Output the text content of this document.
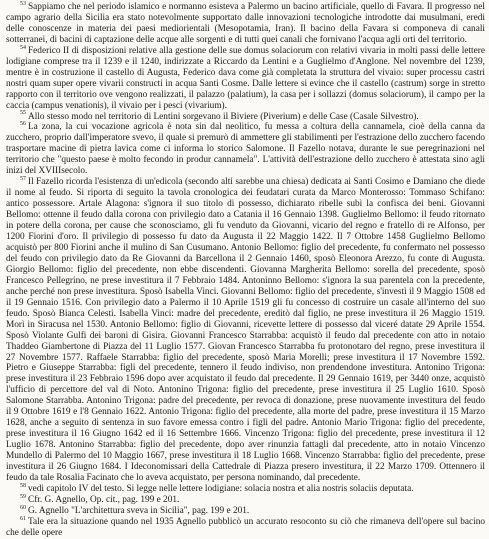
$^{53}$ Sappiamo che nel periodo islamico e normanno esisteva a Palermo un bacino artificiale, quello di Favara. Il progresso nel campo agrario della Sicilia era stato notevolmente supportato dalle innovazioni tecnologiche introdotte dai musulmani, eredi delle conoscenze in materia dei paesi mediorientali (Mesopotamia, Iran). Il bacino della Favara si componeva di canali sotterranei, di bacini di captazione delle acque alle sorgenti e di tutti quei canali che fornivano l'acqua agli orti del territorio.

$^{54}$ Federico II di disposizioni relative alla gestione delle sue domus solaciorum con relativi vivaria in molti passi delle lettere lodigiane comprese tra il 1239 e il 1240, indirizzate a Riccardo da Lentini e a Guglielmo d'Anglone. Nel novembre del 1239, mentre è in costruzione il castello di Augusta, Federico dava come già completata la struttura del vivaio: super processu castri nostri quam super opere vivarii constructi in acqua Santi Cosme. Dalle lettere si evince che il castello (castrum) sorge in stretto rapporto con il territorio ove vengono realizzati, il palazzo (palatium), la casa per i sollazzi (domus solaciorum), il campo per la caccia (campus venationis), il vivaio per i pesci (vivarium).

$^{55}$ Allo stesso modo nel territorio di Lentini sorgevano il Biviere (Piverium) e delle Case (Casale Silvestro).

$^{56}$ La zona, la cui vocazione agricola è nota sin dal neolitico, fu messa a coltura della cannamela, cioè della canna da zucchero, proprio dall'imperatore svevo, il quale si premurò di ammettere gli stabilimenti per l'estrazione dello zucchero facendo trasportare macine di pietra lavica come ci informa lo storico Salomone. Il Fazello notava, durante le sue peregrinazioni nel territorio che "questo paese è molto fecondo in produr cannamela". L'attività dell'estrazione dello zucchero è attestata sino agli inizi del XVIIIsecolo.

$^{57}$ Il Fazello ricorda l'esistenza di un'edicola (secondo alti sarebbe una chiesa) dedicata ai Santi Cosimo e Damiano che diede il nome al feudo. Si riporta di seguito la tavola cronologica dei feudatari curata da Marco Monterosso: Tommaso Schifano: antico possessore. Artale Alagona: s'ignora il suo titolo di possesso, dichiarato ribelle subì la confisca dei beni. Giovanni Bellomo: ottenne il feudo dalla corona con privilegio dato a Catania il 16 Gennaio 1398. Guglielmo Bellomo: il feudo ritornato in potere della corona, per cause che sconosciamo, gli fu venduto da Giovanni, vicario del regno e fratello di re Alfonso, per 1200 Fiorini d'oro. Il privilegio di possesso fu dato da Augusta il 22 Maggio 1422. Il 7 Ottobre 1458 Guglielmo Bellomo acquistò per 800 Fiorini anche il mulino di San Cusumano. Antonio Bellomo: figlio del precedente, fu confermato nel possesso del feudo con privilegio dato da Re Giovanni da Barcellona il 2 Gennaio 1460, sposò Eleonora Arezzo, fu conte di Augusta. Giorgio Bellomo: figlio del precedente, non ebbe discendenti. Giovanna Margherita Bellomo: sorella del precedente, sposò Francesco Pellegrino, ne prese investitura il 7 Febbraio 1484. Antoninno Bellomo: s'ignora la sua parentela con la precedente, anche perché non prese investitura. Sposò Isabella Vinci. Giovanni Bellomo: figlio del precedente, s'investì il 9 Maggio 1508 ed il 19 Gennaio 1516. Con privilegio dato a Palermo il 10 Aprile 1519 gli fu concesso di costruire un casale all'interno del suo feudo. Sposò Bianca Celesti. Isabella Vinci: madre del precedente, ereditò dal figlio, ne prese investitura il 26 Maggio 1519. Morì in Siracusa nel 1530. Antonio Bellomo: figlio di Giovanni, ricevette lettere di possesso dal viceré datate 29 Aprile 1554. Sposò Violante Gulfi dei baroni di Gisira. Giovanni Francesco Starrabba: acquistò il feudo dal precedente con atto in notaio Thaddeo Giambertone di Piazza del 11 Luglio 1577. Giovan Francesco Starrabba fu protonotaro del regno, prese investitura il 27 Novembre 1577. Raffaele Starrabba: figlio del precedente, sposò Maria Morelli; prese investitura il 17 Novembre 1592. Pietro e Giuseppe Starrabba: figli del precedente, tennero il feudo indiviso, non prendendone investitura. Antonino Trigona: prese investitura il 23 Febbraio 1596 dopo aver acquistato il feudo dal precedente. Il 29 Gennaio 1619, per 3440 onze, acquistò l'ufficio di percettore del val di Noto. Antonino Trigona: figlio del precedente, prese investitura il 25 Luglio 1610. Sposò Salomone Starrabba. Antonino Trigona: padre del precedente, per revoca di donazione, prese nuovamente investitura del feudo il 9 Ottobre 1619 e l'8 Gennaio 1622. Antonio Trigona: figlio del precedente, alla morte del padre, prese investitura il 15 Marzo 1628, anche a seguito di sentenza in suo favore emessa contro i figli del padre. Antonio Mario Trigona: figlio del precedente, prese investitura il 16 Giugno 1642 ed il 16 Settembre 1666. Vincenzo Trigona: figlio del precedente, prese investitura il 12 Luglio 1678. Antonino Starrabba: figlio del precedente, dopo aver rinunzia fattagli dal precedente, atto in notaio Vincenzo Mundello di Palermo del 10 Maggio 1667, prese investitura il 18 Luglio 1668. Vincenzo Starrabba: figlio del precedente, prese investitura il 26 Giugno 1684. I Ideconomissari della Cattedrale di Piazza presero investitura, il 22 Marzo 1709. Ottennero il feudo da tale Rosalia Facinato che lo aveva acquistato, per persona nominando, dal precedente.

$^{58}$ vedi capitolo IV del testo. Si legge nelle lettere lodigiane: solacia nostra et alia nostris solaciis deputata.

$^{59}$ Cfr. G. Agnello, Op. cit., pag. 199 e 201.

$^{60}$ G. Agnello "L'architettura sveva in Sicilia", pag. 199 e 201.

$^{61}$ Tale era la situazione quando nel 1935 Agnello pubblicò un accurato resoconto su ciò che rimaneva dell'opere sul bacino che delle opere
